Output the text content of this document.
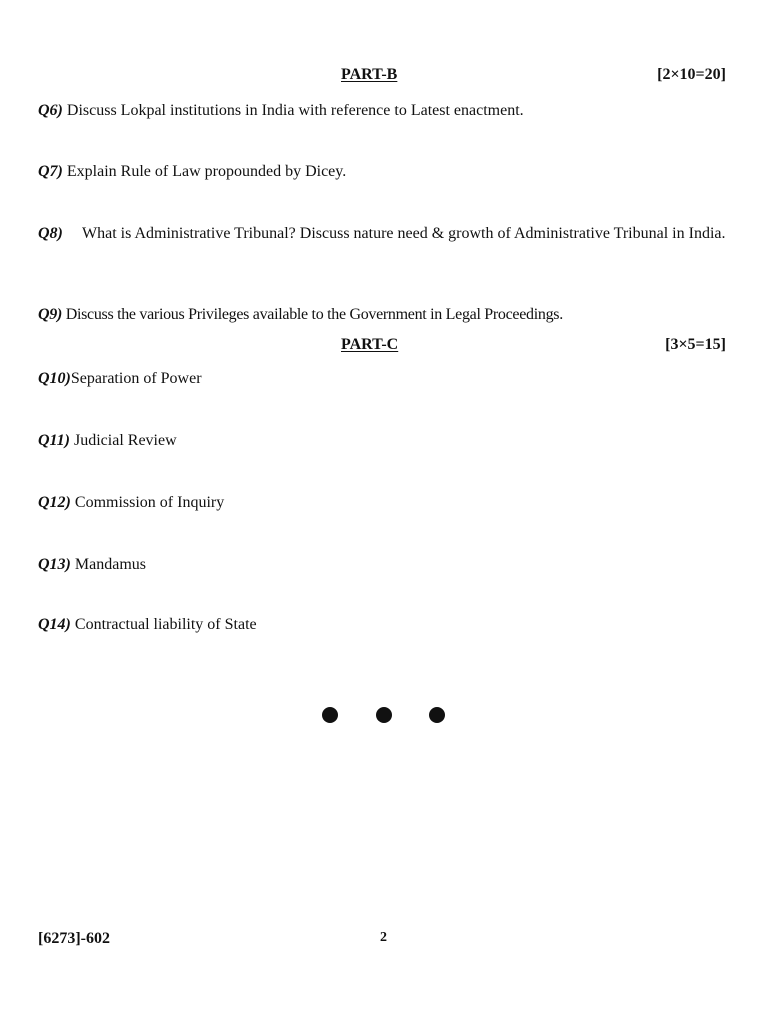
PART-B	[2×10=20]
Q6) Discuss Lokpal institutions in India with reference to Latest enactment.
Q7) Explain Rule of Law propounded by Dicey.
Q8)	What is Administrative Tribunal? Discuss nature need & growth of Administrative Tribunal in India.
Q9) Discuss the various Privileges available to the Government in Legal Proceedings.
PART-C	[3×5=15]
Q10)Separation of Power
Q11) Judicial Review
Q12) Commission of Inquiry
Q13) Mandamus
Q14) Contractual liability of State
[6273]-602	2
